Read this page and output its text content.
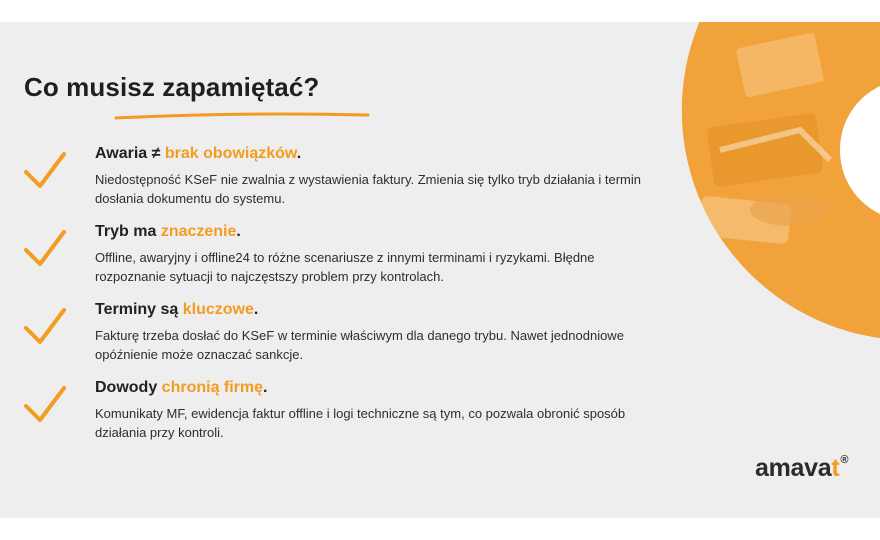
Co musisz zapamiętać?
Awaria ≠ brak obowiązków.

Niedostępność KSeF nie zwalnia z wystawienia faktury. Zmienia się tylko tryb działania i termin dosłania dokumentu do systemu.

Tryb ma znaczenie.

Offline, awaryjny i offline24 to różne scenariusze z innymi terminami i ryzykami. Błędne rozpoznanie sytuacji to najczęstszy problem przy kontrolach.

Terminy są kluczowe.

Fakturę trzeba dosłać do KSeF w terminie właściwym dla danego trybu. Nawet jednodniowe opóźnienie może oznaczać sankcje.

Dowody chronią firmę.

Komunikaty MF, ewidencja faktur offline i logi techniczne są tym, co pozwala obronić sposób działania przy kontroli.

amavat®
